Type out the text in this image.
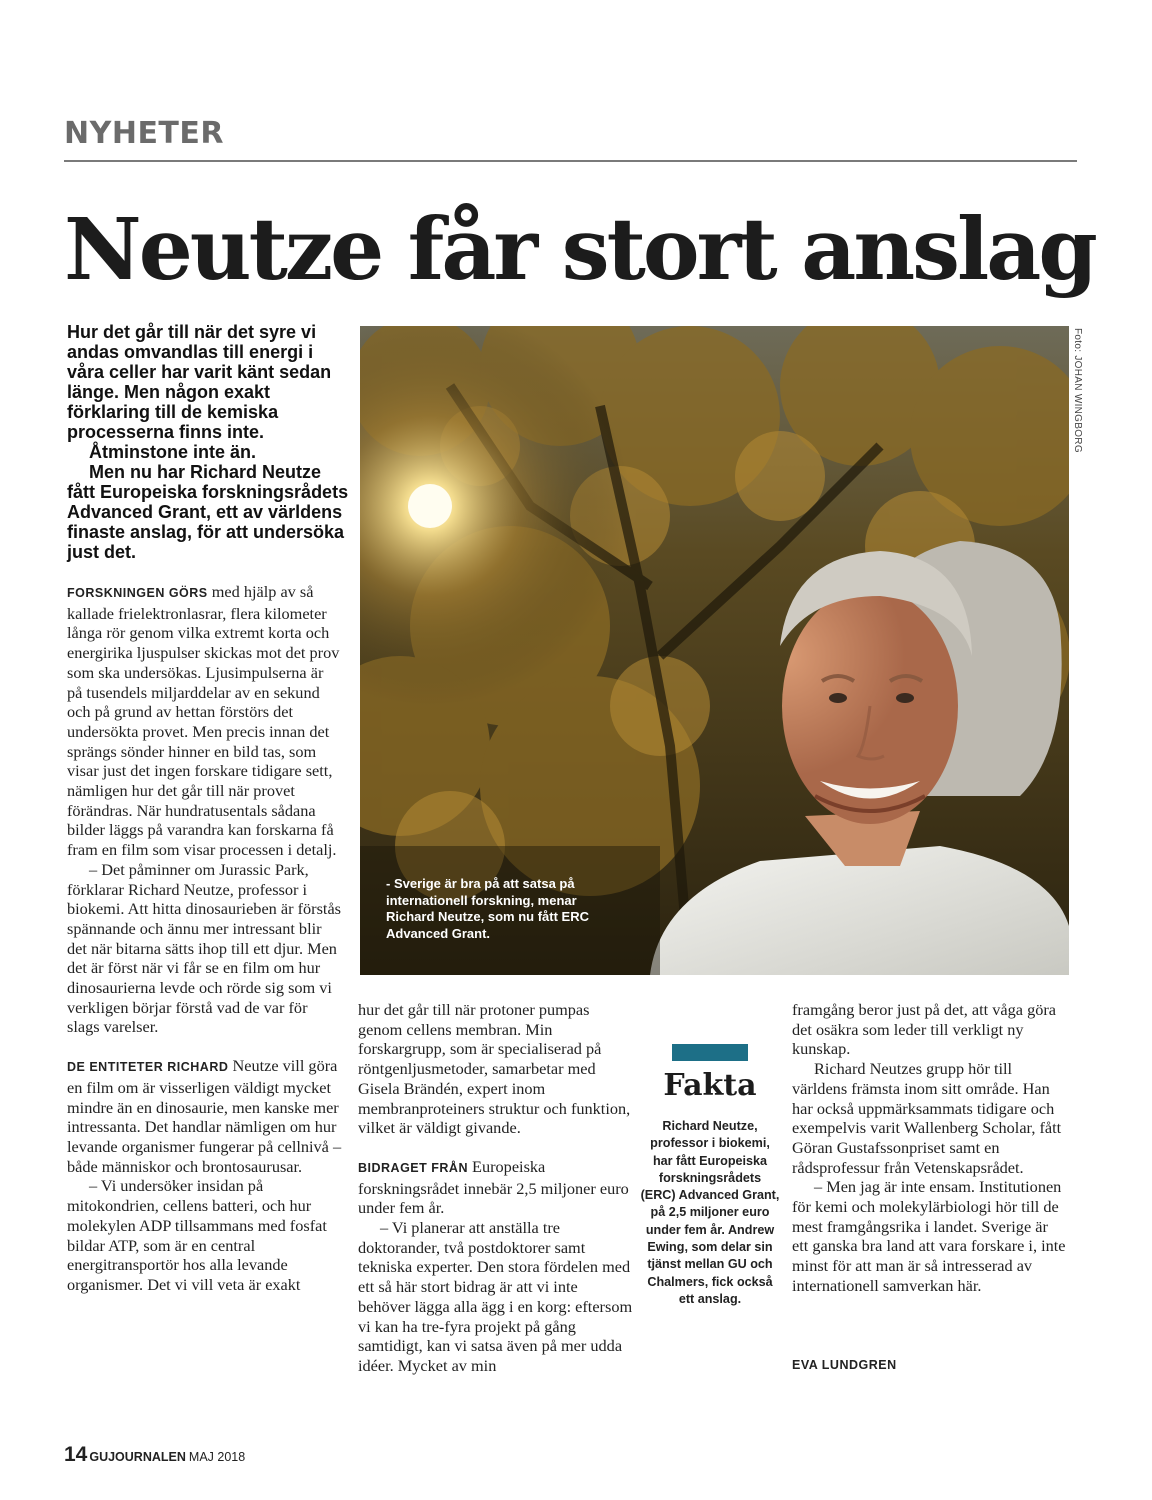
NYHETER
Neutze får stort anslag

Hur det går till när det syre vi andas omvandlas till energi i våra celler har varit känt sedan länge. Men någon exakt förklaring till de kemiska processerna finns inte.

Åtminstone inte än.

Men nu har Richard Neutze fått Europeiska forskningsrådets Advanced Grant, ett av världens finaste anslag, för att undersöka just det.

FORSKNINGEN GÖRS med hjälp av så kallade frielektronlasrar, flera kilometer långa rör genom vilka extremt korta och energirika ljuspulser skickas mot det prov som ska undersökas. Ljusimpulserna är på tusendels miljarddelar av en sekund och på grund av hettan förstörs det undersökta provet. Men precis innan det sprängs sönder hinner en bild tas, som visar just det ingen forskare tidigare sett, nämligen hur det går till när provet förändras. När hundratusentals sådana bilder läggs på varandra kan forskarna få fram en film som visar processen i detalj.

– Det påminner om Jurassic Park, förklarar Richard Neutze, professor i biokemi. Att hitta dinosaurieben är förstås spännande och ännu mer intressant blir det när bitarna sätts ihop till ett djur. Men det är först när vi får se en film om hur dinosaurierna levde och rörde sig som vi verkligen börjar förstå vad de var för slags varelser.

DE ENTITETER RICHARD Neutze vill göra en film om är visserligen väldigt mycket mindre än en dinosaurie, men kanske mer intressanta. Det handlar nämligen om hur levande organismer fungerar på cellnivå – både människor och brontosaurusar.

– Vi undersöker insidan på mitokondrien, cellens batteri, och hur molekylen ADP tillsammans med fosfat bildar ATP, som är en central energitransportör hos alla levande organismer. Det vi vill veta är exakt

- Sverige är bra på att satsa på internationell forskning, menar Richard Neutze, som nu fått ERC Advanced Grant.
Foto: JOHAN WINGBORG

hur det går till när protoner pumpas genom cellens membran. Min forskargrupp, som är specialiserad på röntgenljusmetoder, samarbetar med Gisela Brändén, expert inom membranproteiners struktur och funktion, vilket är väldigt givande.

BIDRAGET FRÅN Europeiska forskningsrådet innebär 2,5 miljoner euro under fem år.

– Vi planerar att anställa tre doktorander, två postdoktorer samt tekniska experter. Den stora fördelen med ett så här stort bidrag är att vi inte behöver lägga alla ägg i en korg: eftersom vi kan ha tre-fyra projekt på gång samtidigt, kan vi satsa även på mer udda idéer. Mycket av min

Fakta
Richard Neutze, professor i biokemi, har fått Europeiska forskningsrådets (ERC) Advanced Grant, på 2,5 miljoner euro under fem år. Andrew Ewing, som delar sin tjänst mellan GU och Chalmers, fick också ett anslag.

framgång beror just på det, att våga göra det osäkra som leder till verkligt ny kunskap.

Richard Neutzes grupp hör till världens främsta inom sitt område. Han har också uppmärksammats tidigare och exempelvis varit Wallenberg Scholar, fått Göran Gustafssonpriset samt en rådsprofessur från Vetenskapsrådet.

– Men jag är inte ensam. Institutionen för kemi och molekylärbiologi hör till de mest framgångsrika i landet. Sverige är ett ganska bra land att vara forskare i, inte minst för att man är så intresserad av internationell samverkan här.

EVA LUNDGREN
14 GUJOURNALEN MAJ 2018
